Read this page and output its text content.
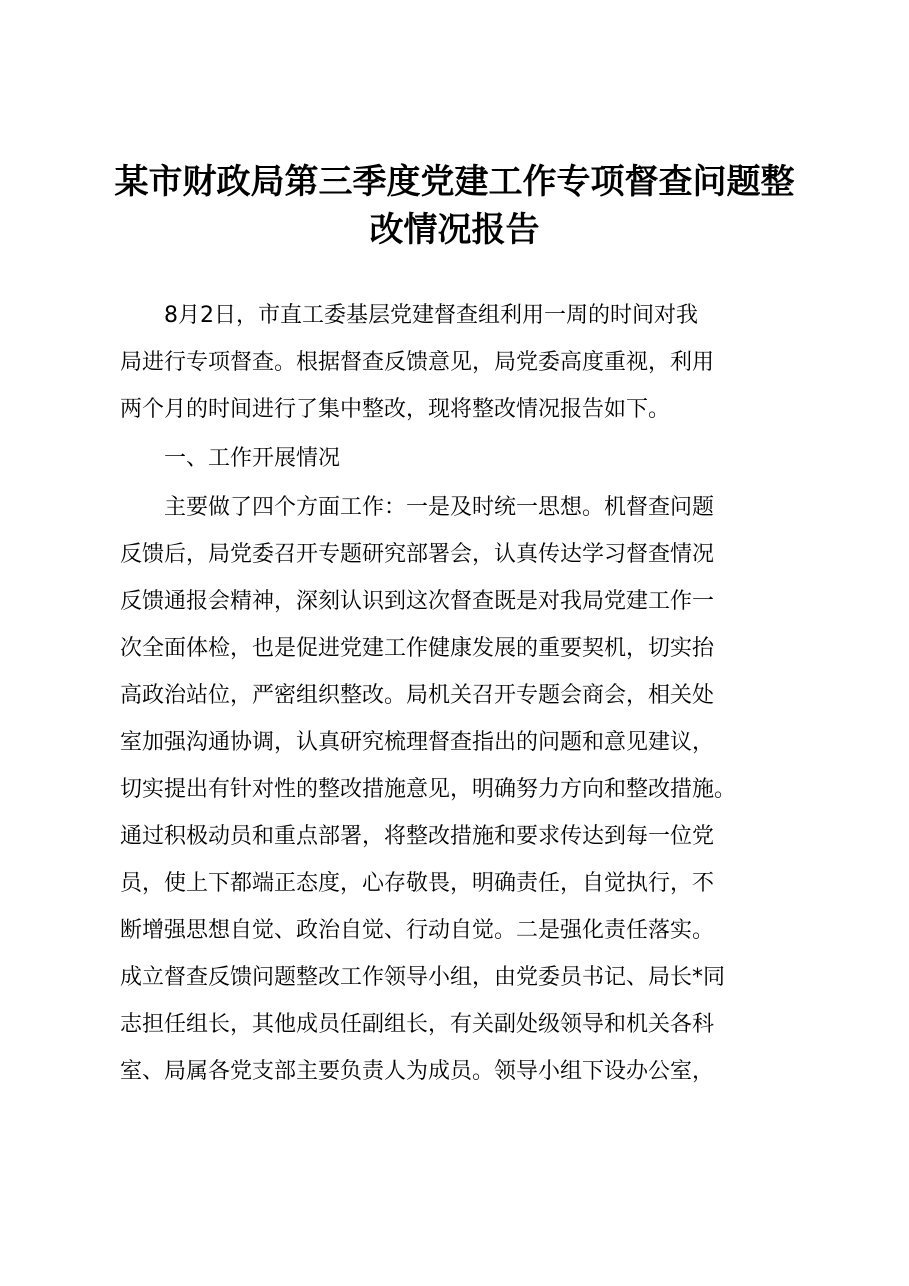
某市财政局第三季度党建工作专项督查问题整
改情况报告
　　8月2日，市直工委基层党建督查组利用一周的时间对我
局进行专项督查。根据督查反馈意见，局党委高度重视，利用
两个月的时间进行了集中整改，现将整改情况报告如下。
　　一、工作开展情况
　　主要做了四个方面工作：一是及时统一思想。机督查问题
反馈后，局党委召开专题研究部署会，认真传达学习督查情况
反馈通报会精神，深刻认识到这次督查既是对我局党建工作一
次全面体检，也是促进党建工作健康发展的重要契机，切实抬
高政治站位，严密组织整改。局机关召开专题会商会，相关处
室加强沟通协调，认真研究梳理督查指出的问题和意见建议，
切实提出有针对性的整改措施意见，明确努力方向和整改措施。
通过积极动员和重点部署，将整改措施和要求传达到每一位党
员，使上下都端正态度，心存敬畏，明确责任，自觉执行，不
断增强思想自觉、政治自觉、行动自觉。二是强化责任落实。
成立督查反馈问题整改工作领导小组，由党委员书记、局长*同
志担任组长，其他成员任副组长，有关副处级领导和机关各科
室、局属各党支部主要负责人为成员。领导小组下设办公室，
